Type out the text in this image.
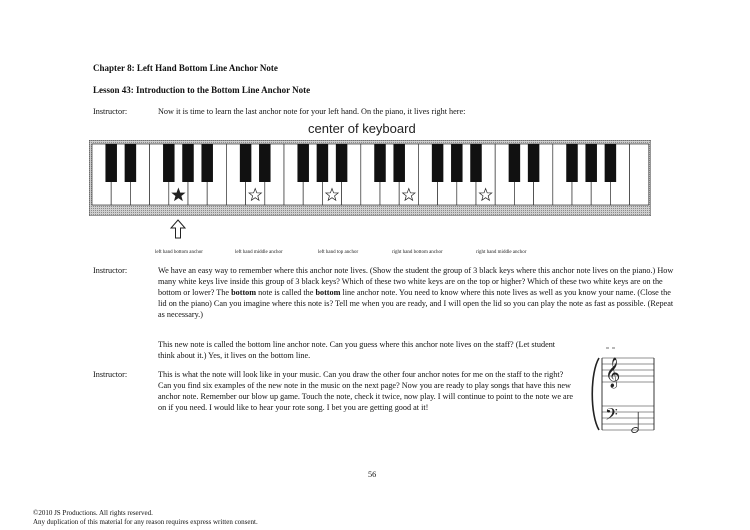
Chapter 8: Left Hand Bottom Line Anchor Note
Lesson 43: Introduction to the Bottom Line Anchor Note
Instructor:	Now it is time to learn the last anchor note for your left hand. On the piano, it lives right here:
center of keyboard
left hand bottom anchor	left hand middle anchor	left hand top anchor	right hand bottom anchor	right hand middle anchor
Instructor:	We have an easy way to remember where this anchor note lives. (Show the student the group of 3 black keys where this anchor note lives on the piano.) How many white keys live inside this group of 3 black keys? Which of these two white keys are on the top or higher? Which of these two white keys are on the bottom or lower? The bottom note is called the bottom line anchor note. You need to know where this note lives as well as you know your name. (Close the lid on the piano) Can you imagine where this note is? Tell me when you are ready, and I will open the lid so you can play the note as fast as possible. (Repeat as necessary.)
This new note is called the bottom line anchor note. Can you guess where this anchor note lives on the staff? (Let student think about it.) Yes, it lives on the bottom line.
Instructor:	This is what the note will look like in your music. Can you draw the other four anchor notes for me on the staff to the right? Can you find six examples of the new note in the music on the next page? Now you are ready to play songs that have this new anchor note. Remember our blow up game. Touch the note, check it twice, now play. I will continue to point to the note we are on if you need. I would like to hear your rote song. I bet you are getting good at it!
𝄞
𝄢
56
©2010 JS Productions. All rights reserved.
Any duplication of this material for any reason requires express written consent.
